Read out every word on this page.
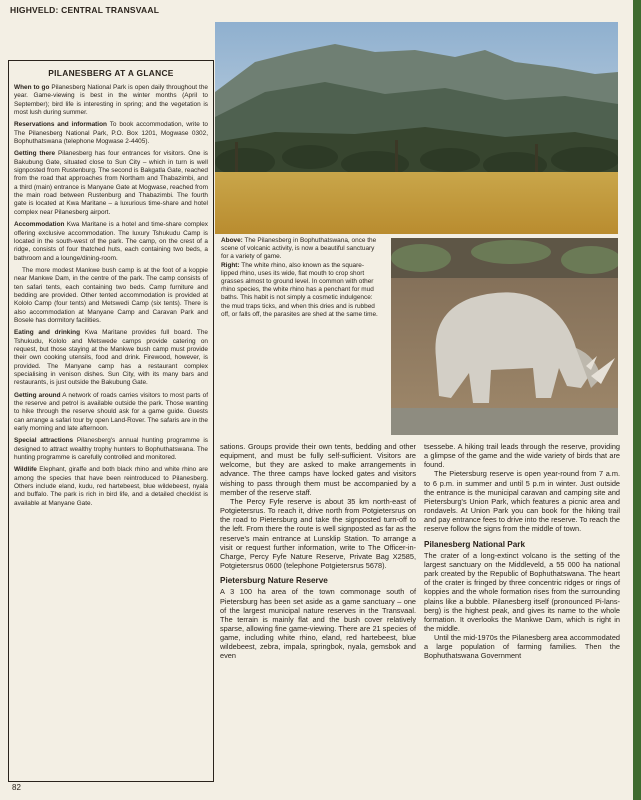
HIGHVELD: CENTRAL TRANSVAAL
PILANESBERG AT A GLANCE

When to go Pilanesberg National Park is open daily throughout the year. Game-viewing is best in the winter months (April to September); bird life is interesting in spring; and the vegetation is most lush during summer.

Reservations and information To book accommodation, write to The Pilanesberg National Park, P.O. Box 1201, Mogwase 0302, Bophuthatswana (telephone Mogwase 2-4405).

Getting there Pilanesberg has four entrances for visitors. One is Bakubung Gate, situated close to Sun City – which in turn is well signposted from Rustenburg. The second is Bakgatla Gate, reached from the road that approaches from Northam and Thabazimbi, and a third (main) entrance is Manyane Gate at Mogwase, reached from the main road between Rustenburg and Thabazimbi. The fourth gate is located at Kwa Maritane – a luxurious time-share and hotel complex near Pilanesberg airport.

Accommodation Kwa Maritane is a hotel and time-share complex offering exclusive accommodation. The luxury Tshukudu Camp is located in the south-west of the park. The camp, on the crest of a ridge, consists of four thatched huts, each containing two beds, a bathroom and a lounge/dining-room.

The more modest Mankwe bush camp is at the foot of a koppie near Mankwe Dam, in the centre of the park. The camp consists of ten safari tents, each containing two beds. Camp furniture and bedding are provided. Other tented accommodation is provided at Kololo Camp (four tents) and Metswedi Camp (six tents). There is also accommodation at Manyane Camp and Caravan Park and Bosele has dormitory facilities.

Eating and drinking Kwa Maritane provides full board. The Tshukudu, Kololo and Metswede camps provide catering on request, but those staying at the Mankwe bush camp must provide their own cooking utensils, food and drink. Firewood, however, is provided. The Manyane camp has a restaurant complex specialising in venison dishes. Sun City, with its many bars and restaurants, is just outside the Bakubung Gate.

Getting around A network of roads carries visitors to most parts of the reserve and petrol is available outside the park. Those wanting to hike through the reserve should ask for a game guide. Guests can arrange a safari tour by open Land-Rover. The safaris are in the early morning and late afternoon.

Special attractions Pilanesberg's annual hunting programme is designed to attract wealthy trophy hunters to Bophuthatswana. The hunting programme is carefully controlled and monitored.

Wildlife Elephant, giraffe and both black rhino and white rhino are among the species that have been reintroduced to Pilanesberg. Others include eland, kudu, red hartebeest, blue wildebeest, nyala and buffalo. The park is rich in bird life, and a detailed checklist is available at Manyane Gate.

Above: The Pilanesberg in Bophuthatswana, once the scene of volcanic activity, is now a beautiful sanctuary for a variety of game.
Right: The white rhino, also known as the square-lipped rhino, uses its wide, flat mouth to crop short grasses almost to ground level. In common with other rhino species, the white rhino has a penchant for mud baths. This habit is not simply a cosmetic indulgence: the mud traps ticks, and when this dries and is rubbed off, or falls off, the parasites are shed at the same time.

sations. Groups provide their own tents, bedding and other equipment, and must be fully self-sufficient. Visitors are welcome, but they are asked to make arrangements in advance. The three camps have locked gates and visitors wishing to pass through them must be accompanied by a member of the reserve staff.

The Percy Fyfe reserve is about 35 km north-east of Potgietersrus. To reach it, drive north from Potgietersrus on the road to Pietersburg and take the signposted turn-off to the left. From there the route is well signposted as far as the reserve's main entrance at Lunsklip Station. To arrange a visit or request further information, write to The Officer-in-Charge, Percy Fyfe Nature Reserve, Private Bag X2585, Potgietersrus 0600 (telephone Potgietersrus 5678).

Pietersburg Nature Reserve

A 3 100 ha area of the town commonage south of Pietersburg has been set aside as a game sanctuary – one of the largest municipal nature reserves in the Transvaal. The terrain is mainly flat and the bush cover relatively sparse, allowing fine game-viewing. There are 21 species of game, including white rhino, eland, red hartebeest, blue wildebeest, zebra, impala, springbok, nyala, gemsbok and even

tsessebe. A hiking trail leads through the reserve, providing a glimpse of the game and the wide variety of birds that are found.

The Pietersburg reserve is open year-round from 7 a.m. to 6 p.m. in summer and until 5 p.m in winter. Just outside the entrance is the municipal caravan and camping site and Pietersburg's Union Park, which features a picnic area and rondavels. At Union Park you can book for the hiking trail and pay entrance fees to drive into the reserve. To reach the reserve follow the signs from the middle of town.

Pilanesberg National Park

The crater of a long-extinct volcano is the setting of the largest sanctuary on the Middleveld, a 55 000 ha national park created by the Republic of Bophuthatswana. The heart of the crater is fringed by three concentric ridges or rings of koppies and the whole formation rises from the surrounding plains like a bubble. Pilanesberg itself (pronounced Pi-lans-berg) is the highest peak, and gives its name to the whole formation. It overlooks the Mankwe Dam, which is right in the middle.

Until the mid-1970s the Pilanesberg area accommodated a large population of farming families. Then the Bophuthatswana Government

82
